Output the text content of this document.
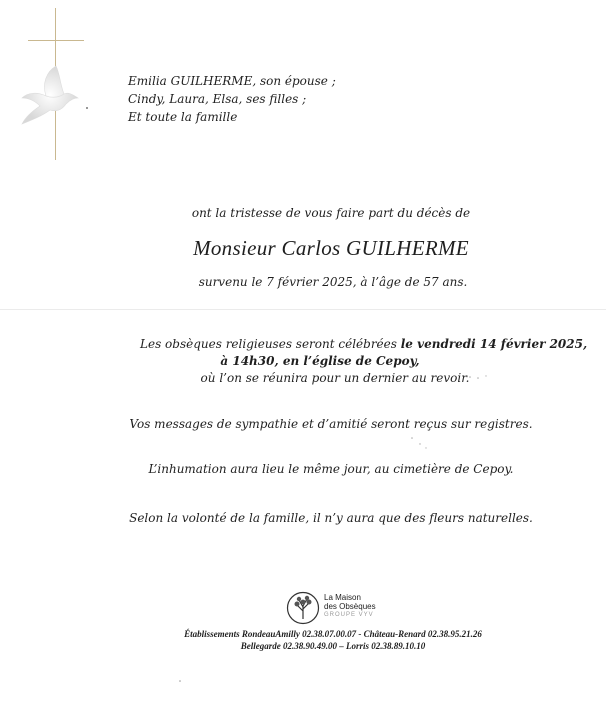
Emilia GUILHERME, son épouse ;
Cindy, Laura, Elsa, ses filles ;
Et toute la famille
ont la tristesse de vous faire part du décès de
Monsieur Carlos GUILHERME
survenu le 7 février 2025, à l’âge de 57 ans.
Les obsèques religieuses seront célébrées le vendredi 14 février 2025,
à 14h30, en l’église de Cepoy,
où l’on se réunira pour un dernier au revoir.
Vos messages de sympathie et d’amitié seront reçus sur registres.
L’inhumation aura lieu le même jour, au cimetière de Cepoy.
Selon la volonté de la famille, il n’y aura que des fleurs naturelles.
La Maison
des Obsèques
GROUPE VYV
Établissements RondeauAmilly 02.38.07.00.07 - Château-Renard 02.38.95.21.26
Bellegarde 02.38.90.49.00 – Lorris 02.38.89.10.10
